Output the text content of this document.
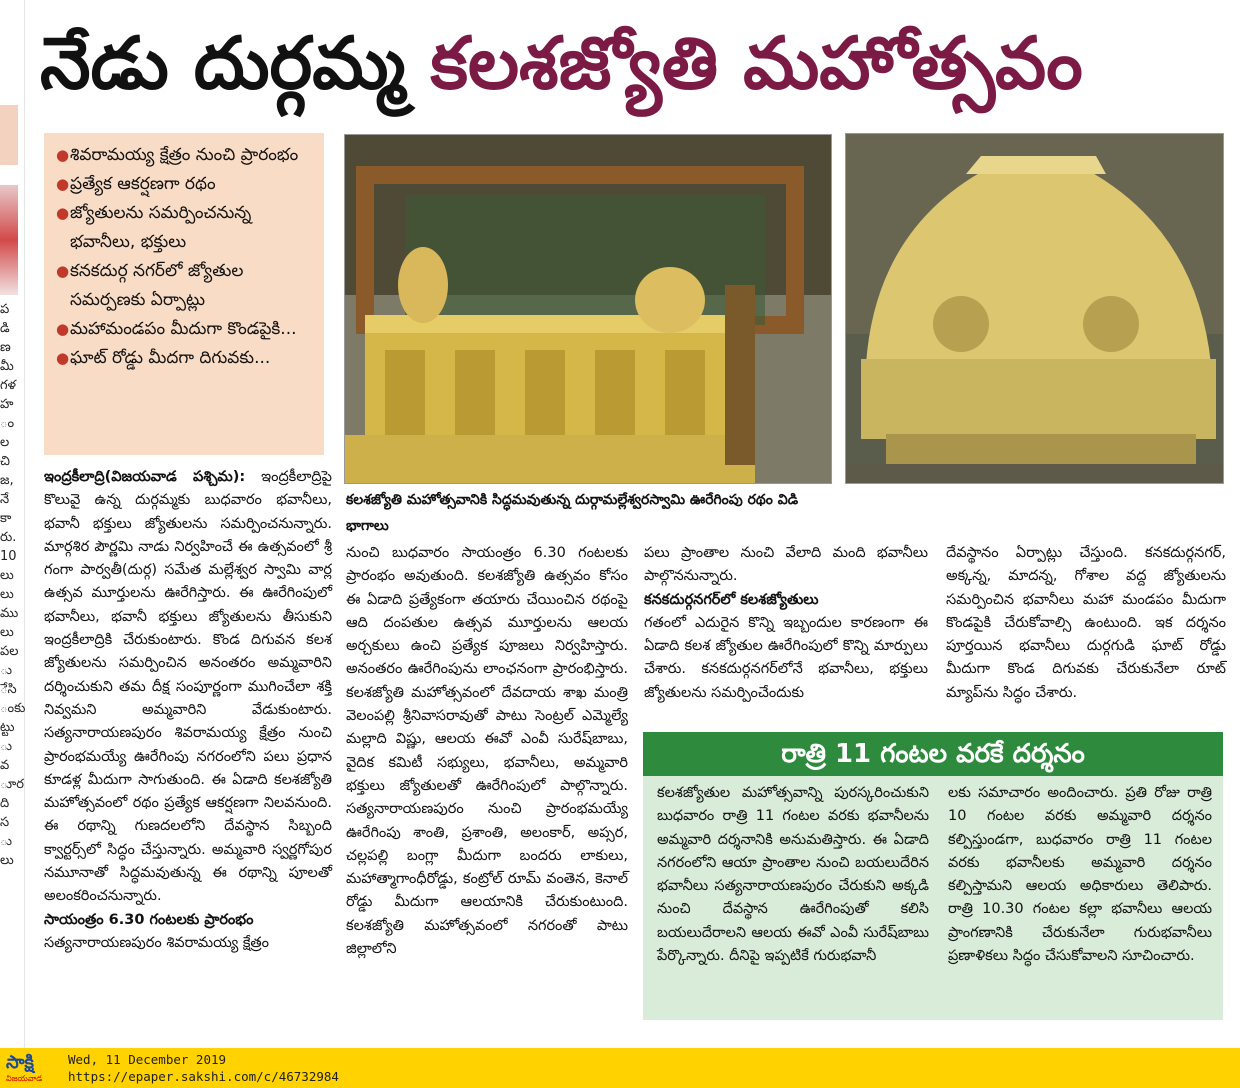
ప డి ణ మీ గళ హ ం ల చి జ, నే కా రు. 10 లు లు ము లు పల ు ేసి ంకు ట్టు ు వ ూర ది స ు లు
నేడు దుర్గమ్మ కలశజ్యోతి మహోత్సవం
● శివరామయ్య క్షేత్రం నుంచి ప్రారంభం
● ప్రత్యేక ఆకర్షణగా రథం
● జ్యోతులను సమర్పించనున్న భవానీలు, భక్తులు
● కనకదుర్గ నగర్‌లో జ్యోతుల సమర్పణకు ఏర్పాట్లు
● మహామండపం మీదుగా కొండపైకి...
● ఘాట్ రోడ్డు మీదగా దిగువకు...
కలశజ్యోతి మహోత్సవానికి సిద్ధమవుతున్న దుర్గామల్లేశ్వరస్వామి ఊరేగింపు రథం విడి భాగాలు

ఇంద్రకీలాద్రి(విజయవాడ పశ్చిమ): ఇంద్రకీలాద్రిపై కొలువై ఉన్న దుర్గమ్మకు బుధవారం భవానీలు, భవానీ భక్తులు జ్యోతులను సమర్పించనున్నారు. మార్గశిర పౌర్ణమి నాడు నిర్వహించే ఈ ఉత్సవంలో శ్రీ గంగా పార్వతీ(దుర్గ) సమేత మల్లేశ్వర స్వామి వార్ల ఉత్సవ మూర్తులను ఊరేగిస్తారు. ఈ ఊరేగింపులో భవానీలు, భవానీ భక్తులు జ్యోతులను తీసుకుని ఇంద్రకీలాద్రికి చేరుకుంటారు. కొండ దిగువన కలశ జ్యోతులను సమర్పించిన అనంతరం అమ్మవారిని దర్శించుకుని తమ దీక్ష సంపూర్ణంగా ముగించేలా శక్తి నివ్వమని అమ్మవారిని వేడుకుంటారు. సత్యనారాయణపురం శివరామయ్య క్షేత్రం నుంచి ప్రారంభమయ్యే ఊరేగింపు నగరంలోని పలు ప్రధాన కూడళ్ల మీదుగా సాగుతుంది. ఈ ఏడాది కలశజ్యోతి మహోత్సవంలో రథం ప్రత్యేక ఆకర్షణగా నిలవనుంది. ఈ రథాన్ని గుణదలలోని దేవస్థాన సిబ్బంది క్వార్టర్స్‌లో సిద్ధం చేస్తున్నారు. అమ్మవారి స్వర్ణగోపుర నమూనాతో సిద్ధమవుతున్న ఈ రథాన్ని పూలతో అలంకరించనున్నారు.

సాయంత్రం 6.30 గంటలకు ప్రారంభం

సత్యనారాయణపురం శివరామయ్య క్షేత్రం

నుంచి బుధవారం సాయంత్రం 6.30 గంటలకు ప్రారంభం అవుతుంది. కలశజ్యోతి ఉత్సవం కోసం ఈ ఏడాది ప్రత్యేకంగా తయారు చేయించిన రథంపై ఆది దంపతుల ఉత్సవ మూర్తులను ఆలయ అర్చకులు ఉంచి ప్రత్యేక పూజలు నిర్వహిస్తారు. అనంతరం ఊరేగింపును లాంఛనంగా ప్రారంభిస్తారు. కలశజ్యోతి మహోత్సవంలో దేవదాయ శాఖ మంత్రి వెలంపల్లి శ్రీనివాసరావుతో పాటు సెంట్రల్ ఎమ్మెల్యే మల్లాది విష్ణు, ఆలయ ఈవో ఎంవీ సురేష్‌బాబు, వైదిక కమిటీ సభ్యులు, భవానీలు, అమ్మవారి భక్తులు జ్యోతులతో ఊరేగింపులో పాల్గొన్నారు. సత్యనారాయణపురం నుంచి ప్రారంభమయ్యే ఊరేగింపు శాంతి, ప్రశాంతి, అలంకార్, అప్సర, చల్లపల్లి బంగ్లా మీదుగా బందరు లాకులు, మహాత్మాగాంధీరోడ్డు, కంట్రోల్ రూమ్ వంతెన, కెనాల్ రోడ్డు మీదుగా ఆలయానికి చేరుకుంటుంది. కలశజ్యోతి మహోత్సవంలో నగరంతో పాటు జిల్లాలోని

పలు ప్రాంతాల నుంచి వేలాది మంది భవానీలు పాల్గొననున్నారు.

కనకదుర్గనగర్‌లో కలశజ్యోతులు

గతంలో ఎదురైన కొన్ని ఇబ్బందుల కారణంగా ఈ ఏడాది కలశ జ్యోతుల ఊరేగింపులో కొన్ని మార్పులు చేశారు. కనకదుర్గనగర్‌లోనే భవానీలు, భక్తులు జ్యోతులను సమర్పించేందుకు

దేవస్థానం ఏర్పాట్లు చేస్తుంది. కనకదుర్గనగర్, అక్కన్న, మాదన్న, గోశాల వద్ద జ్యోతులను సమర్పించిన భవానీలు మహా మండపం మీదుగా కొండపైకి చేరుకోవాల్సి ఉంటుంది. ఇక దర్శనం పూర్తయిన భవానీలు దుర్గగుడి ఘాట్ రోడ్డు మీదుగా కొండ దిగువకు చేరుకునేలా రూట్ మ్యాప్‌ను సిద్ధం చేశారు.

రాత్రి 11 గంటల వరకే దర్శనం

కలశజ్యోతుల మహోత్సవాన్ని పురస్కరించుకుని బుధవారం రాత్రి 11 గంటల వరకు భవానీలను అమ్మవారి దర్శనానికి అనుమతిస్తారు. ఈ ఏడాది నగరంలోని ఆయా ప్రాంతాల నుంచి బయలుదేరిన భవానీలు సత్యనారాయణపురం చేరుకుని అక్కడి నుంచి దేవస్థాన ఊరేగింపుతో కలిసి బయలుదేరాలని ఆలయ ఈవో ఎంవీ సురేష్‌బాబు పేర్కొన్నారు. దీనిపై ఇప్పటికే గురుభవానీ

లకు సమాచారం అందించారు. ప్రతి రోజు రాత్రి 10 గంటల వరకు అమ్మవారి దర్శనం కల్పిస్తుండగా, బుధవారం రాత్రి 11 గంటల వరకు భవానీలకు అమ్మవారి దర్శనం కల్పిస్తామని ఆలయ అధికారులు తెలిపారు. రాత్రి 10.30 గంటల కల్లా భవానీలు ఆలయ ప్రాంగణానికి చేరుకునేలా గురుభవానీలు ప్రణాళికలు సిద్ధం చేసుకోవాలని సూచించారు.

సాక్షి
విజయవాడ
Wed, 11 December 2019
https://epaper.sakshi.com/c/46732984
